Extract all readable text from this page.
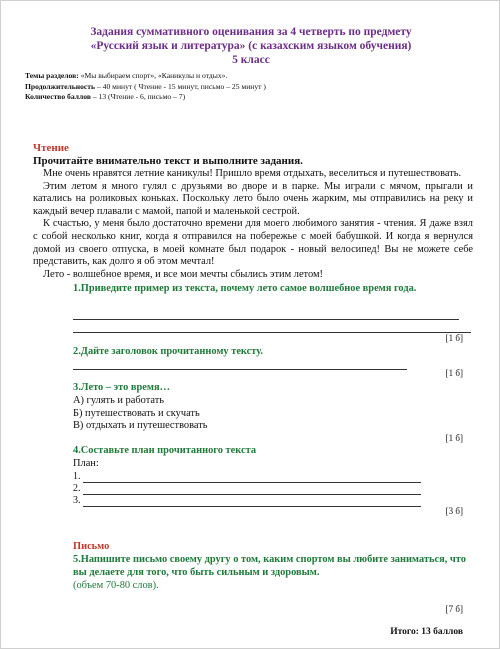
Задания суммативного оценивания за 4 четверть по предмету
«Русский язык и литература» (с казахским языком обучения)
5 класс
Темы разделов: «Мы выбираем спорт», «Каникулы и отдых».
Продолжительность – 40 минут ( Чтение - 15 минут, письмо – 25 минут )
Количество баллов – 13 (Чтение - 6, письмо – 7)
Чтение
Прочитайте внимательно текст и выполните задания.

Мне очень нравятся летние каникулы! Пришло время отдыхать, веселиться и путешествовать.

Этим летом я много гулял с друзьями во дворе и в парке. Мы играли с мячом, прыгали и катались на роликовых коньках. Поскольку лето было очень жарким, мы отправились на реку и каждый вечер плавали с мамой, папой и маленькой сестрой.

К счастью, у меня было достаточно времени для моего любимого занятия - чтения. Я даже взял с собой несколько книг, когда я отправился на побережье с моей бабушкой. И когда я вернулся домой из своего отпуска, в моей комнате был подарок - новый велосипед! Вы не можете себе представить, как долго я об этом мечтал!

Лето - волшебное время, и все мои мечты сбылись этим летом!

1.Приведите пример из текста, почему лето самое волшебное время года.
[1 б]
2.Дайте заголовок прочитанному тексту.
[1 б]
3.Лето – это время…
А) гулять и работать
Б) путешествовать и скучать
В) отдыхать и путешествовать
[1 б]
4.Составьте план прочитанного текста
План:
1.
2.
3.
[3 б]
Письмо
5.Напишите письмо своему другу о том, каким спортом вы любите заниматься, что вы делаете для того, что быть сильным и здоровым.
(объем 70-80 слов).
[7 б]
Итого: 13 баллов
